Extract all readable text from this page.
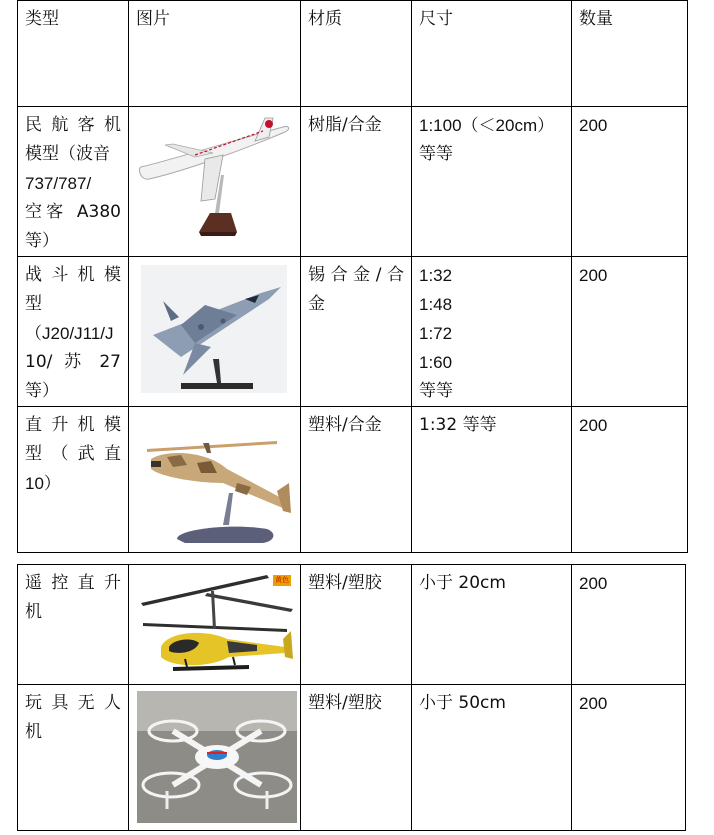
类型	图片	材质	尺寸	数量

民航客机
模型（波音
737/787/
空客 A380
等）		树脂/合金	1:100（＜20cm）
等等	200

战斗机模
型
（J20/J11/J
10/ 苏 27
等）		锡合金/合
金	1:32
1:48
1:72
1:60
等等	200

直升机模
型（武直
10）		塑料/合金	1:32 等等	200
遥控直升
机	黄色	塑料/塑胶	小于 20cm	200

玩具无人
机		塑料/塑胶	小于 50cm	200
